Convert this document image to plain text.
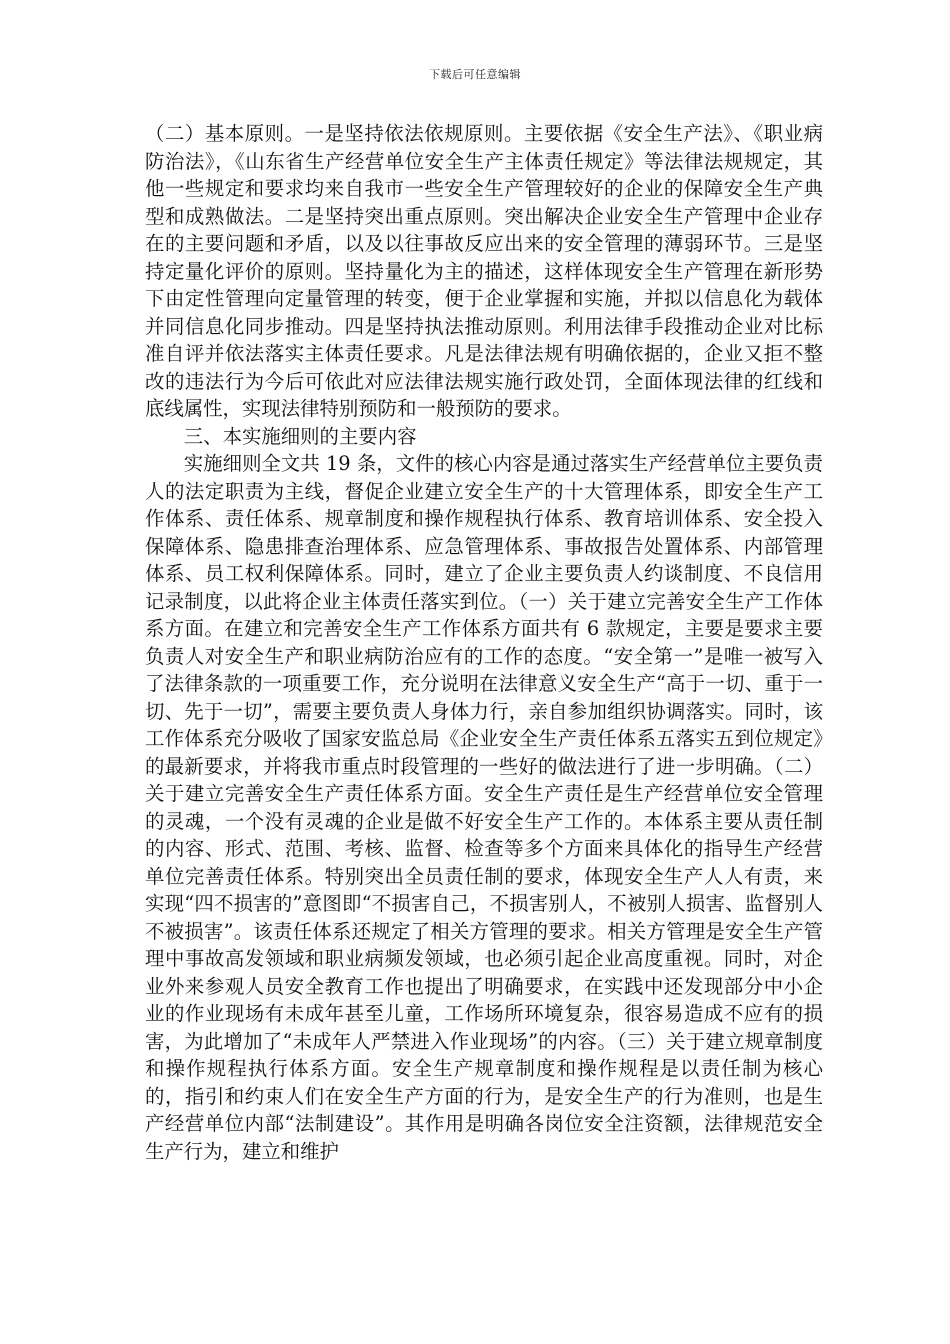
下载后可任意编辑

（二）基本原则。一是坚持依法依规原则。主要依据《安全生产法》、《职业病防治法》，《山东省生产经营单位安全生产主体责任规定》等法律法规规定，其他一些规定和要求均来自我市一些安全生产管理较好的企业的保障安全生产典型和成熟做法。二是坚持突出重点原则。突出解决企业安全生产管理中企业存在的主要问题和矛盾，以及以往事故反应出来的安全管理的薄弱环节。三是坚持定量化评价的原则。坚持量化为主的描述，这样体现安全生产管理在新形势下由定性管理向定量管理的转变，便于企业掌握和实施，并拟以信息化为载体并同信息化同步推动。四是坚持执法推动原则。利用法律手段推动企业对比标准自评并依法落实主体责任要求。凡是法律法规有明确依据的，企业又拒不整改的违法行为今后可依此对应法律法规实施行政处罚，全面体现法律的红线和底线属性，实现法律特别预防和一般预防的要求。

三、本实施细则的主要内容

实施细则全文共 19 条，文件的核心内容是通过落实生产经营单位主要负责人的法定职责为主线，督促企业建立安全生产的十大管理体系，即安全生产工作体系、责任体系、规章制度和操作规程执行体系、教育培训体系、安全投入保障体系、隐患排查治理体系、应急管理体系、事故报告处置体系、内部管理体系、员工权利保障体系。同时，建立了企业主要负责人约谈制度、不良信用记录制度，以此将企业主体责任落实到位。（一）关于建立完善安全生产工作体系方面。在建立和完善安全生产工作体系方面共有 6 款规定，主要是要求主要负责人对安全生产和职业病防治应有的工作的态度。“安全第一”是唯一被写入了法律条款的一项重要工作，充分说明在法律意义安全生产“高于一切、重于一切、先于一切”，需要主要负责人身体力行，亲自参加组织协调落实。同时，该工作体系充分吸收了国家安监总局《企业安全生产责任体系五落实五到位规定》的最新要求，并将我市重点时段管理的一些好的做法进行了进一步明确。（二）关于建立完善安全生产责任体系方面。安全生产责任是生产经营单位安全管理的灵魂，一个没有灵魂的企业是做不好安全生产工作的。本体系主要从责任制的内容、形式、范围、考核、监督、检查等多个方面来具体化的指导生产经营单位完善责任体系。特别突出全员责任制的要求，体现安全生产人人有责，来实现“四不损害的”意图即“不损害自己，不损害别人，不被别人损害、监督别人不被损害”。该责任体系还规定了相关方管理的要求。相关方管理是安全生产管理中事故高发领域和职业病频发领域，也必须引起企业高度重视。同时，对企业外来参观人员安全教育工作也提出了明确要求，在实践中还发现部分中小企业的作业现场有未成年甚至儿童，工作场所环境复杂，很容易造成不应有的损害，为此增加了“未成年人严禁进入作业现场”的内容。（三）关于建立规章制度和操作规程执行体系方面。安全生产规章制度和操作规程是以责任制为核心的，指引和约束人们在安全生产方面的行为，是安全生产的行为准则，也是生产经营单位内部“法制建设”。其作用是明确各岗位安全注资额，法律规范安全生产行为，建立和维护
